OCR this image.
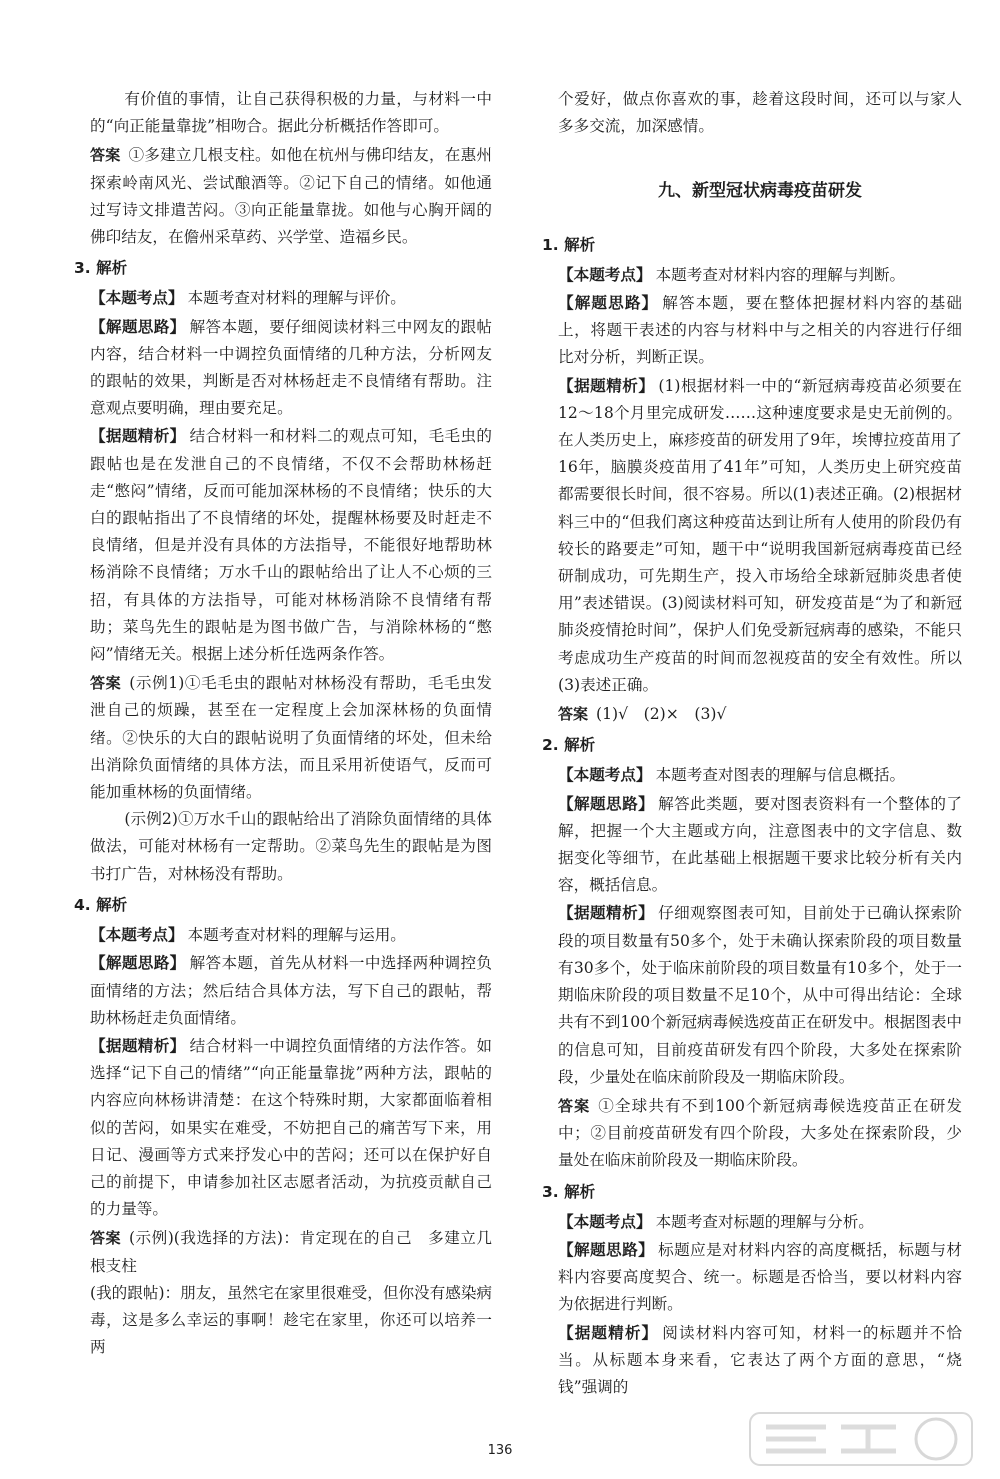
有价值的事情，让自己获得积极的力量，与材料一中的“向正能量靠拢”相吻合。据此分析概括作答即可。

答案 ①多建立几根支柱。如他在杭州与佛印结友，在惠州探索岭南风光、尝试酿酒等。②记下自己的情绪。如他通过写诗文排遣苦闷。③向正能量靠拢。如他与心胸开阔的佛印结友，在儋州采草药、兴学堂、造福乡民。

3. 解析

【本题考点】 本题考查对材料的理解与评价。

【解题思路】 解答本题，要仔细阅读材料三中网友的跟帖内容，结合材料一中调控负面情绪的几种方法，分析网友的跟帖的效果，判断是否对林杨赶走不良情绪有帮助。注意观点要明确，理由要充足。

【据题精析】 结合材料一和材料二的观点可知，毛毛虫的跟帖也是在发泄自己的不良情绪，不仅不会帮助林杨赶走“憋闷”情绪，反而可能加深林杨的不良情绪；快乐的大白的跟帖指出了不良情绪的坏处，提醒林杨要及时赶走不良情绪，但是并没有具体的方法指导，不能很好地帮助林杨消除不良情绪；万水千山的跟帖给出了让人不心烦的三招，有具体的方法指导，可能对林杨消除不良情绪有帮助；菜鸟先生的跟帖是为图书做广告，与消除林杨的“憋闷”情绪无关。根据上述分析任选两条作答。

答案 (示例1)①毛毛虫的跟帖对林杨没有帮助，毛毛虫发泄自己的烦躁，甚至在一定程度上会加深林杨的负面情绪。②快乐的大白的跟帖说明了负面情绪的坏处，但未给出消除负面情绪的具体方法，而且采用祈使语气，反而可能加重林杨的负面情绪。

(示例2)①万水千山的跟帖给出了消除负面情绪的具体做法，可能对林杨有一定帮助。②菜鸟先生的跟帖是为图书打广告，对林杨没有帮助。

4. 解析

【本题考点】 本题考查对材料的理解与运用。

【解题思路】 解答本题，首先从材料一中选择两种调控负面情绪的方法；然后结合具体方法，写下自己的跟帖，帮助林杨赶走负面情绪。

【据题精析】 结合材料一中调控负面情绪的方法作答。如选择“记下自己的情绪”“向正能量靠拢”两种方法，跟帖的内容应向林杨讲清楚：在这个特殊时期，大家都面临着相似的苦闷，如果实在难受，不妨把自己的痛苦写下来，用日记、漫画等方式来抒发心中的苦闷；还可以在保护好自己的前提下，申请参加社区志愿者活动，为抗疫贡献自己的力量等。

答案 (示例)(我选择的方法)：肯定现在的自己　多建立几根支柱

(我的跟帖)：朋友，虽然宅在家里很难受，但你没有感染病毒，这是多么幸运的事啊！趁宅在家里，你还可以培养一两

个爱好，做点你喜欢的事，趁着这段时间，还可以与家人多多交流，加深感情。

九、新型冠状病毒疫苗研发

1. 解析

【本题考点】 本题考查对材料内容的理解与判断。

【解题思路】 解答本题，要在整体把握材料内容的基础上，将题干表述的内容与材料中与之相关的内容进行仔细比对分析，判断正误。

【据题精析】 (1)根据材料一中的“新冠病毒疫苗必须要在12～18个月里完成研发……这种速度要求是史无前例的。在人类历史上，麻疹疫苗的研发用了9年，埃博拉疫苗用了16年，脑膜炎疫苗用了41年”可知，人类历史上研究疫苗都需要很长时间，很不容易。所以(1)表述正确。(2)根据材料三中的“但我们离这种疫苗达到让所有人使用的阶段仍有较长的路要走”可知，题干中“说明我国新冠病毒疫苗已经研制成功，可先期生产，投入市场给全球新冠肺炎患者使用”表述错误。(3)阅读材料可知，研发疫苗是“为了和新冠肺炎疫情抢时间”，保护人们免受新冠病毒的感染，不能只考虑成功生产疫苗的时间而忽视疫苗的安全有效性。所以(3)表述正确。

答案 (1)√　(2)×　(3)√

2. 解析

【本题考点】 本题考查对图表的理解与信息概括。

【解题思路】 解答此类题，要对图表资料有一个整体的了解，把握一个大主题或方向，注意图表中的文字信息、数据变化等细节，在此基础上根据题干要求比较分析有关内容，概括信息。

【据题精析】 仔细观察图表可知，目前处于已确认探索阶段的项目数量有50多个，处于未确认探索阶段的项目数量有30多个，处于临床前阶段的项目数量有10多个，处于一期临床阶段的项目数量不足10个，从中可得出结论：全球共有不到100个新冠病毒候选疫苗正在研发中。根据图表中的信息可知，目前疫苗研发有四个阶段，大多处在探索阶段，少量处在临床前阶段及一期临床阶段。

答案 ①全球共有不到100个新冠病毒候选疫苗正在研发中；②目前疫苗研发有四个阶段，大多处在探索阶段，少量处在临床前阶段及一期临床阶段。

3. 解析

【本题考点】 本题考查对标题的理解与分析。

【解题思路】 标题应是对材料内容的高度概括，标题与材料内容要高度契合、统一。标题是否恰当，要以材料内容为依据进行判断。

【据题精析】 阅读材料内容可知，材料一的标题并不恰当。从标题本身来看，它表达了两个方面的意思，“烧钱”强调的

136
